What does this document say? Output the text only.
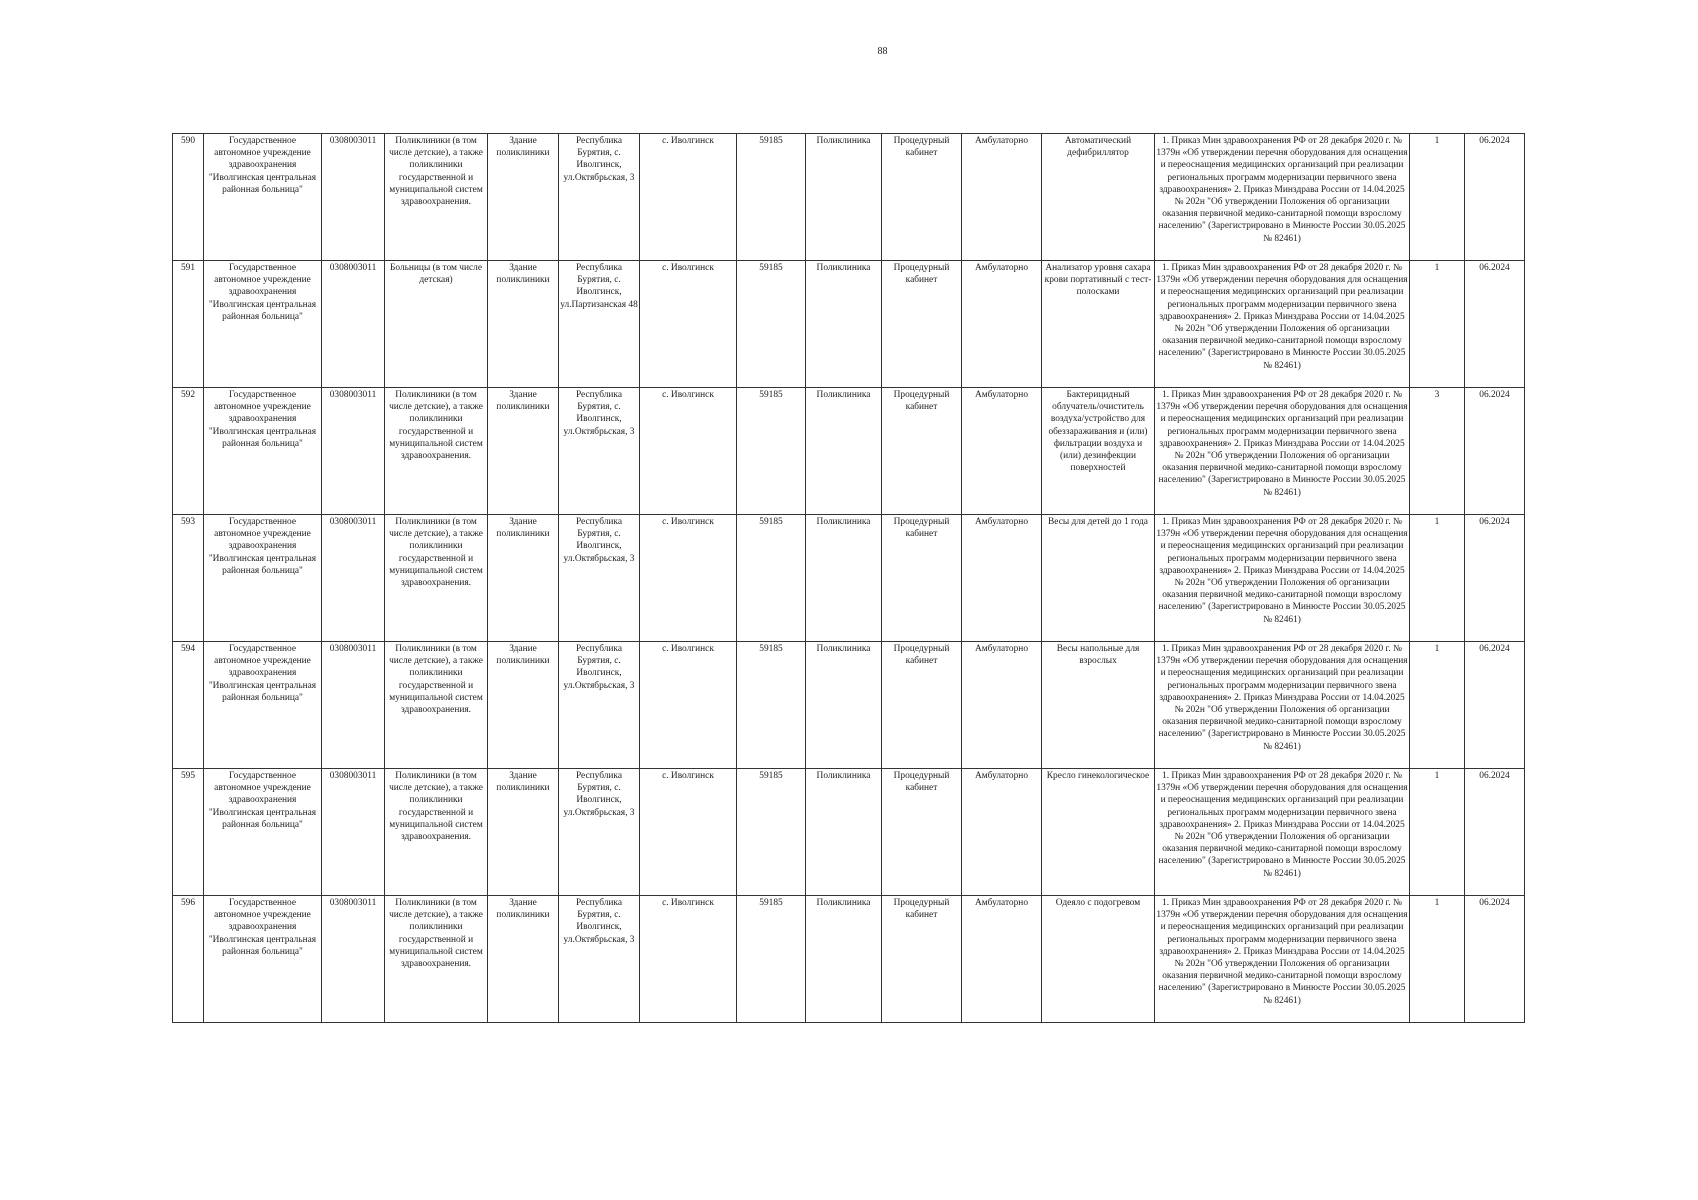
88
590	Государственное автономное учреждение здравоохранения "Иволгинская центральная районная больница"	0308003011	Поликлиники (в том числе детские), а также поликлиники государственной и муниципальной систем здравоохранения.	Здание поликлиники	Республика Бурятия, с. Иволгинск, ул.Октябрьская, 3	с. Иволгинск	59185	Поликлиника	Процедурный кабинет	Амбулаторно	Автоматический дефибриллятор	1. Приказ Мин здравоохранения РФ от 28 декабря 2020 г. № 1379н «Об утверждении перечня оборудования для оснащения и переоснащения медицинских организаций при реализации региональных программ модернизации первичного звена здравоохранения» 2. Приказ Минздрава России от 14.04.2025 № 202н "Об утверждении Положения об организации оказания первичной медико-санитарной помощи взрослому населению" (Зарегистрировано в Минюсте России 30.05.2025 № 82461)	1	06.2024
591	Государственное автономное учреждение здравоохранения "Иволгинская центральная районная больница"	0308003011	Больницы (в том числе детская)	Здание поликлиники	Республика Бурятия, с. Иволгинск, ул.Партизанская 48	с. Иволгинск	59185	Поликлиника	Процедурный кабинет	Амбулаторно	Анализатор уровня сахара крови портативный с тест-полосками	1. Приказ Мин здравоохранения РФ от 28 декабря 2020 г. № 1379н «Об утверждении перечня оборудования для оснащения и переоснащения медицинских организаций при реализации региональных программ модернизации первичного звена здравоохранения» 2. Приказ Минздрава России от 14.04.2025 № 202н "Об утверждении Положения об организации оказания первичной медико-санитарной помощи взрослому населению" (Зарегистрировано в Минюсте России 30.05.2025 № 82461)	1	06.2024
592	Государственное автономное учреждение здравоохранения "Иволгинская центральная районная больница"	0308003011	Поликлиники (в том числе детские), а также поликлиники государственной и муниципальной систем здравоохранения.	Здание поликлиники	Республика Бурятия, с. Иволгинск, ул.Октябрьская, 3	с. Иволгинск	59185	Поликлиника	Процедурный кабинет	Амбулаторно	Бактерицидный облучатель/очиститель воздуха/устройство для обеззараживания и (или) фильтрации воздуха и (или) дезинфекции поверхностей	1. Приказ Мин здравоохранения РФ от 28 декабря 2020 г. № 1379н «Об утверждении перечня оборудования для оснащения и переоснащения медицинских организаций при реализации региональных программ модернизации первичного звена здравоохранения» 2. Приказ Минздрава России от 14.04.2025 № 202н "Об утверждении Положения об организации оказания первичной медико-санитарной помощи взрослому населению" (Зарегистрировано в Минюсте России 30.05.2025 № 82461)	3	06.2024
593	Государственное автономное учреждение здравоохранения "Иволгинская центральная районная больница"	0308003011	Поликлиники (в том числе детские), а также поликлиники государственной и муниципальной систем здравоохранения.	Здание поликлиники	Республика Бурятия, с. Иволгинск, ул.Октябрьская, 3	с. Иволгинск	59185	Поликлиника	Процедурный кабинет	Амбулаторно	Весы для детей до 1 года	1. Приказ Мин здравоохранения РФ от 28 декабря 2020 г. № 1379н «Об утверждении перечня оборудования для оснащения и переоснащения медицинских организаций при реализации региональных программ модернизации первичного звена здравоохранения» 2. Приказ Минздрава России от 14.04.2025 № 202н "Об утверждении Положения об организации оказания первичной медико-санитарной помощи взрослому населению" (Зарегистрировано в Минюсте России 30.05.2025 № 82461)	1	06.2024
594	Государственное автономное учреждение здравоохранения "Иволгинская центральная районная больница"	0308003011	Поликлиники (в том числе детские), а также поликлиники государственной и муниципальной систем здравоохранения.	Здание поликлиники	Республика Бурятия, с. Иволгинск, ул.Октябрьская, 3	с. Иволгинск	59185	Поликлиника	Процедурный кабинет	Амбулаторно	Весы напольные для взрослых	1. Приказ Мин здравоохранения РФ от 28 декабря 2020 г. № 1379н «Об утверждении перечня оборудования для оснащения и переоснащения медицинских организаций при реализации региональных программ модернизации первичного звена здравоохранения» 2. Приказ Минздрава России от 14.04.2025 № 202н "Об утверждении Положения об организации оказания первичной медико-санитарной помощи взрослому населению" (Зарегистрировано в Минюсте России 30.05.2025 № 82461)	1	06.2024
595	Государственное автономное учреждение здравоохранения "Иволгинская центральная районная больница"	0308003011	Поликлиники (в том числе детские), а также поликлиники государственной и муниципальной систем здравоохранения.	Здание поликлиники	Республика Бурятия, с. Иволгинск, ул.Октябрьская, 3	с. Иволгинск	59185	Поликлиника	Процедурный кабинет	Амбулаторно	Кресло гинекологическое	1. Приказ Мин здравоохранения РФ от 28 декабря 2020 г. № 1379н «Об утверждении перечня оборудования для оснащения и переоснащения медицинских организаций при реализации региональных программ модернизации первичного звена здравоохранения» 2. Приказ Минздрава России от 14.04.2025 № 202н "Об утверждении Положения об организации оказания первичной медико-санитарной помощи взрослому населению" (Зарегистрировано в Минюсте России 30.05.2025 № 82461)	1	06.2024
596	Государственное автономное учреждение здравоохранения "Иволгинская центральная районная больница"	0308003011	Поликлиники (в том числе детские), а также поликлиники государственной и муниципальной систем здравоохранения.	Здание поликлиники	Республика Бурятия, с. Иволгинск, ул.Октябрьская, 3	с. Иволгинск	59185	Поликлиника	Процедурный кабинет	Амбулаторно	Одеяло с подогревом	1. Приказ Мин здравоохранения РФ от 28 декабря 2020 г. № 1379н «Об утверждении перечня оборудования для оснащения и переоснащения медицинских организаций при реализации региональных программ модернизации первичного звена здравоохранения» 2. Приказ Минздрава России от 14.04.2025 № 202н "Об утверждении Положения об организации оказания первичной медико-санитарной помощи взрослому населению" (Зарегистрировано в Минюсте России 30.05.2025 № 82461)	1	06.2024
